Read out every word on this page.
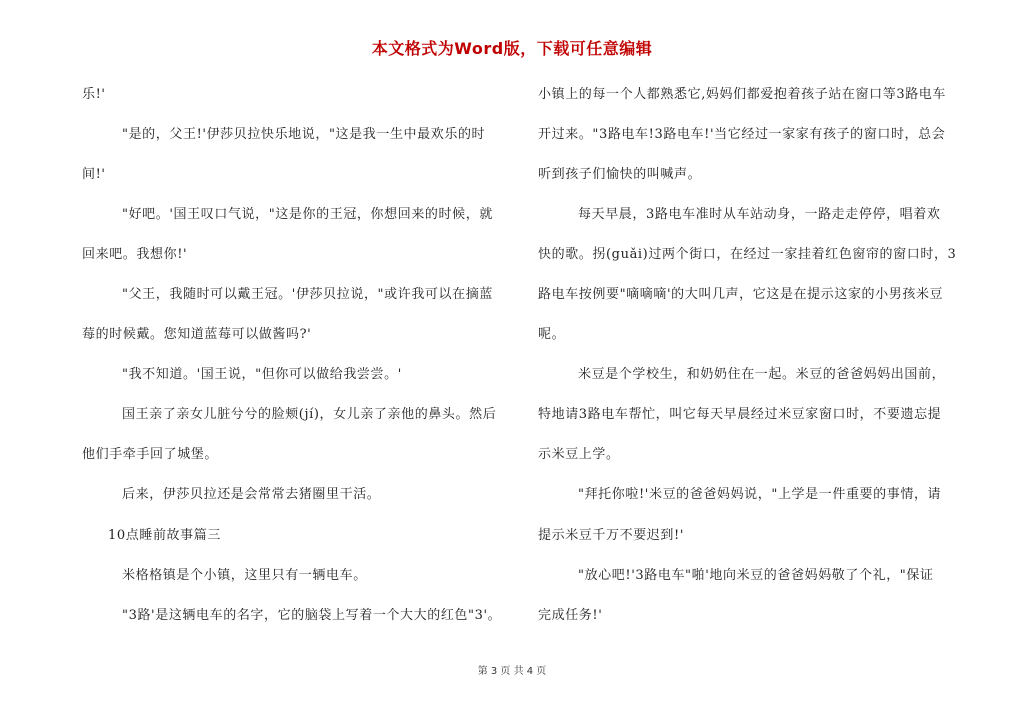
本文格式为Word版，下载可任意编辑
乐!'
"是的，父王!'伊莎贝拉快乐地说，"这是我一生中最欢乐的时
间!'
"好吧。'国王叹口气说，"这是你的王冠，你想回来的时候，就
回来吧。我想你!'
"父王，我随时可以戴王冠。'伊莎贝拉说，"或许我可以在摘蓝
莓的时候戴。您知道蓝莓可以做酱吗?'
"我不知道。'国王说，"但你可以做给我尝尝。'
国王亲了亲女儿脏兮兮的脸颊(jí)，女儿亲了亲他的鼻头。然后
他们手牵手回了城堡。
后来，伊莎贝拉还是会常常去猪圈里干活。
10点睡前故事篇三
米格格镇是个小镇，这里只有一辆电车。
"3路'是这辆电车的名字，它的脑袋上写着一个大大的红色"3'。
小镇上的每一个人都熟悉它,妈妈们都爱抱着孩子站在窗口等3路电车
开过来。"3路电车!3路电车!'当它经过一家家有孩子的窗口时，总会
听到孩子们愉快的叫喊声。
每天早晨，3路电车准时从车站动身，一路走走停停，唱着欢
快的歌。拐(guǎi)过两个街口，在经过一家挂着红色窗帘的窗口时，3
路电车按例要"嘀嘀嘀'的大叫几声，它这是在提示这家的小男孩米豆
呢。
米豆是个学校生，和奶奶住在一起。米豆的爸爸妈妈出国前，
特地请3路电车帮忙，叫它每天早晨经过米豆家窗口时，不要遗忘提
示米豆上学。
"拜托你啦!'米豆的爸爸妈妈说，"上学是一件重要的事情，请
提示米豆千万不要迟到!'
"放心吧!'3路电车"啪'地向米豆的爸爸妈妈敬了个礼，"保证
完成任务!'
第 3 页 共 4 页
